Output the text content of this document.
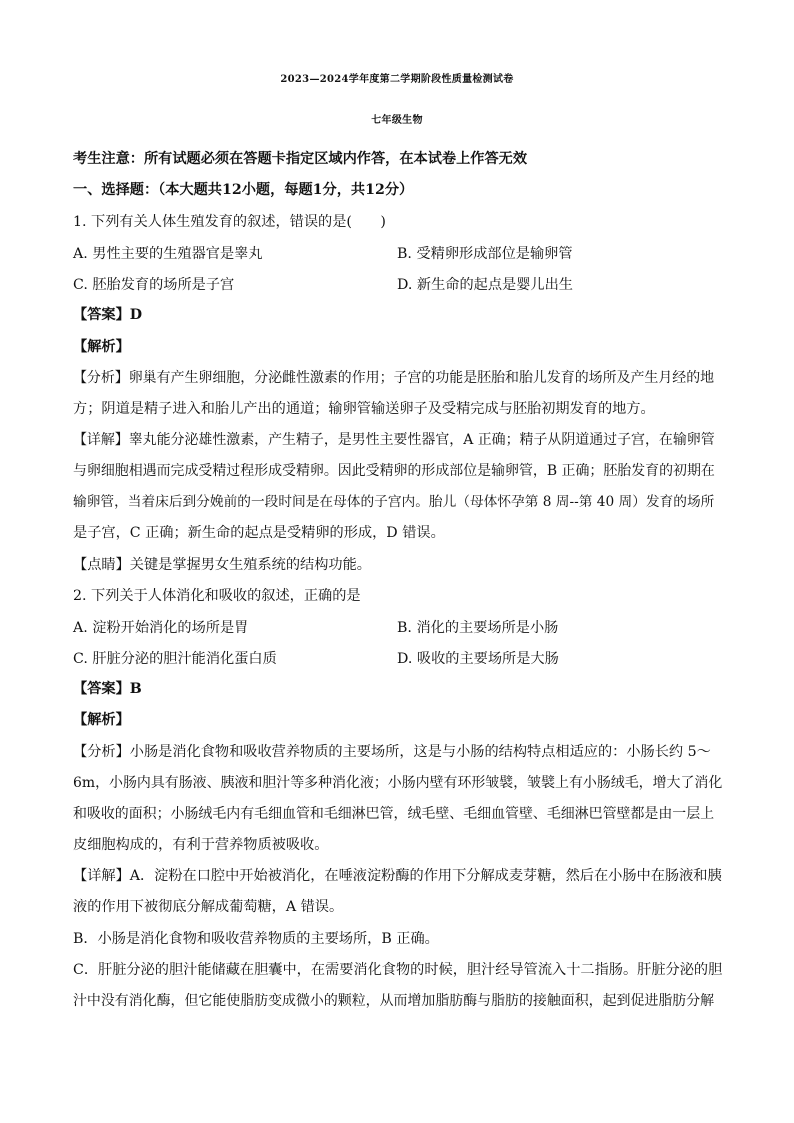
2023—2024学年度第二学期阶段性质量检测试卷
七年级生物
考生注意：所有试题必须在答题卡指定区域内作答，在本试卷上作答无效
一、选择题：（本大题共12小题，每题1分，共12分）
1. 下列有关人体生殖发育的叙述，错误的是(　　)
A. 男性主要的生殖器官是睾丸	B. 受精卵形成部位是输卵管
C. 胚胎发育的场所是子宫	D. 新生命的起点是婴儿出生
【答案】D
【解析】
【分析】卵巢有产生卵细胞，分泌雌性激素的作用；子宫的功能是胚胎和胎儿发育的场所及产生月经的地
方；阴道是精子进入和胎儿产出的通道；输卵管输送卵子及受精完成与胚胎初期发育的地方。
【详解】睾丸能分泌雄性激素，产生精子，是男性主要性器官，A 正确；精子从阴道通过子宫，在输卵管
与卵细胞相遇而完成受精过程形成受精卵。因此受精卵的形成部位是输卵管，B 正确；胚胎发育的初期在
输卵管，当着床后到分娩前的一段时间是在母体的子宫内。胎儿（母体怀孕第 8 周--第 40 周）发育的场所
是子宫，C 正确；新生命的起点是受精卵的形成，D 错误。
【点睛】关键是掌握男女生殖系统的结构功能。
2. 下列关于人体消化和吸收的叙述，正确的是
A. 淀粉开始消化的场所是胃	B. 消化的主要场所是小肠
C. 肝脏分泌的胆汁能消化蛋白质	D. 吸收的主要场所是大肠
【答案】B
【解析】
【分析】小肠是消化食物和吸收营养物质的主要场所，这是与小肠的结构特点相适应的：小肠长约 5～
6m，小肠内具有肠液、胰液和胆汁等多种消化液；小肠内壁有环形皱襞，皱襞上有小肠绒毛，增大了消化
和吸收的面积；小肠绒毛内有毛细血管和毛细淋巴管，绒毛壁、毛细血管壁、毛细淋巴管壁都是由一层上
皮细胞构成的，有利于营养物质被吸收。
【详解】A．淀粉在口腔中开始被消化，在唾液淀粉酶的作用下分解成麦芽糖，然后在小肠中在肠液和胰
液的作用下被彻底分解成葡萄糖，A 错误。
B．小肠是消化食物和吸收营养物质的主要场所，B 正确。
C．肝脏分泌的胆汁能储藏在胆囊中，在需要消化食物的时候，胆汁经导管流入十二指肠。肝脏分泌的胆
汁中没有消化酶，但它能使脂肪变成微小的颗粒，从而增加脂肪酶与脂肪的接触面积，起到促进脂肪分解
